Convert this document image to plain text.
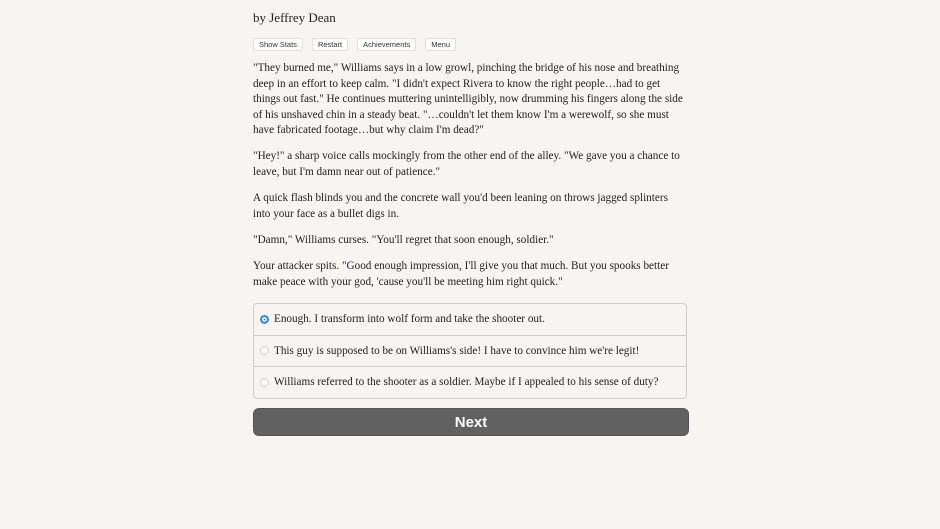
by Jeffrey Dean
Show Stats	Restart	Achievements	Menu

"They burned me," Williams says in a low growl, pinching the bridge of his nose and breathing deep in an effort to keep calm. "I didn't expect Rivera to know the right people…had to get things out fast." He continues muttering unintelligibly, now drumming his fingers along the side of his unshaved chin in a steady beat. "…couldn't let them know I'm a werewolf, so she must have fabricated footage…but why claim I'm dead?"

"Hey!" a sharp voice calls mockingly from the other end of the alley. "We gave you a chance to leave, but I'm damn near out of patience."

A quick flash blinds you and the concrete wall you'd been leaning on throws jagged splinters into your face as a bullet digs in.

"Damn," Williams curses. "You'll regret that soon enough, soldier."

Your attacker spits. "Good enough impression, I'll give you that much. But you spooks better make peace with your god, 'cause you'll be meeting him right quick."

Enough. I transform into wolf form and take the shooter out.
This guy is supposed to be on Williams's side! I have to convince him we're legit!
Williams referred to the shooter as a soldier. Maybe if I appealed to his sense of duty?
Next
